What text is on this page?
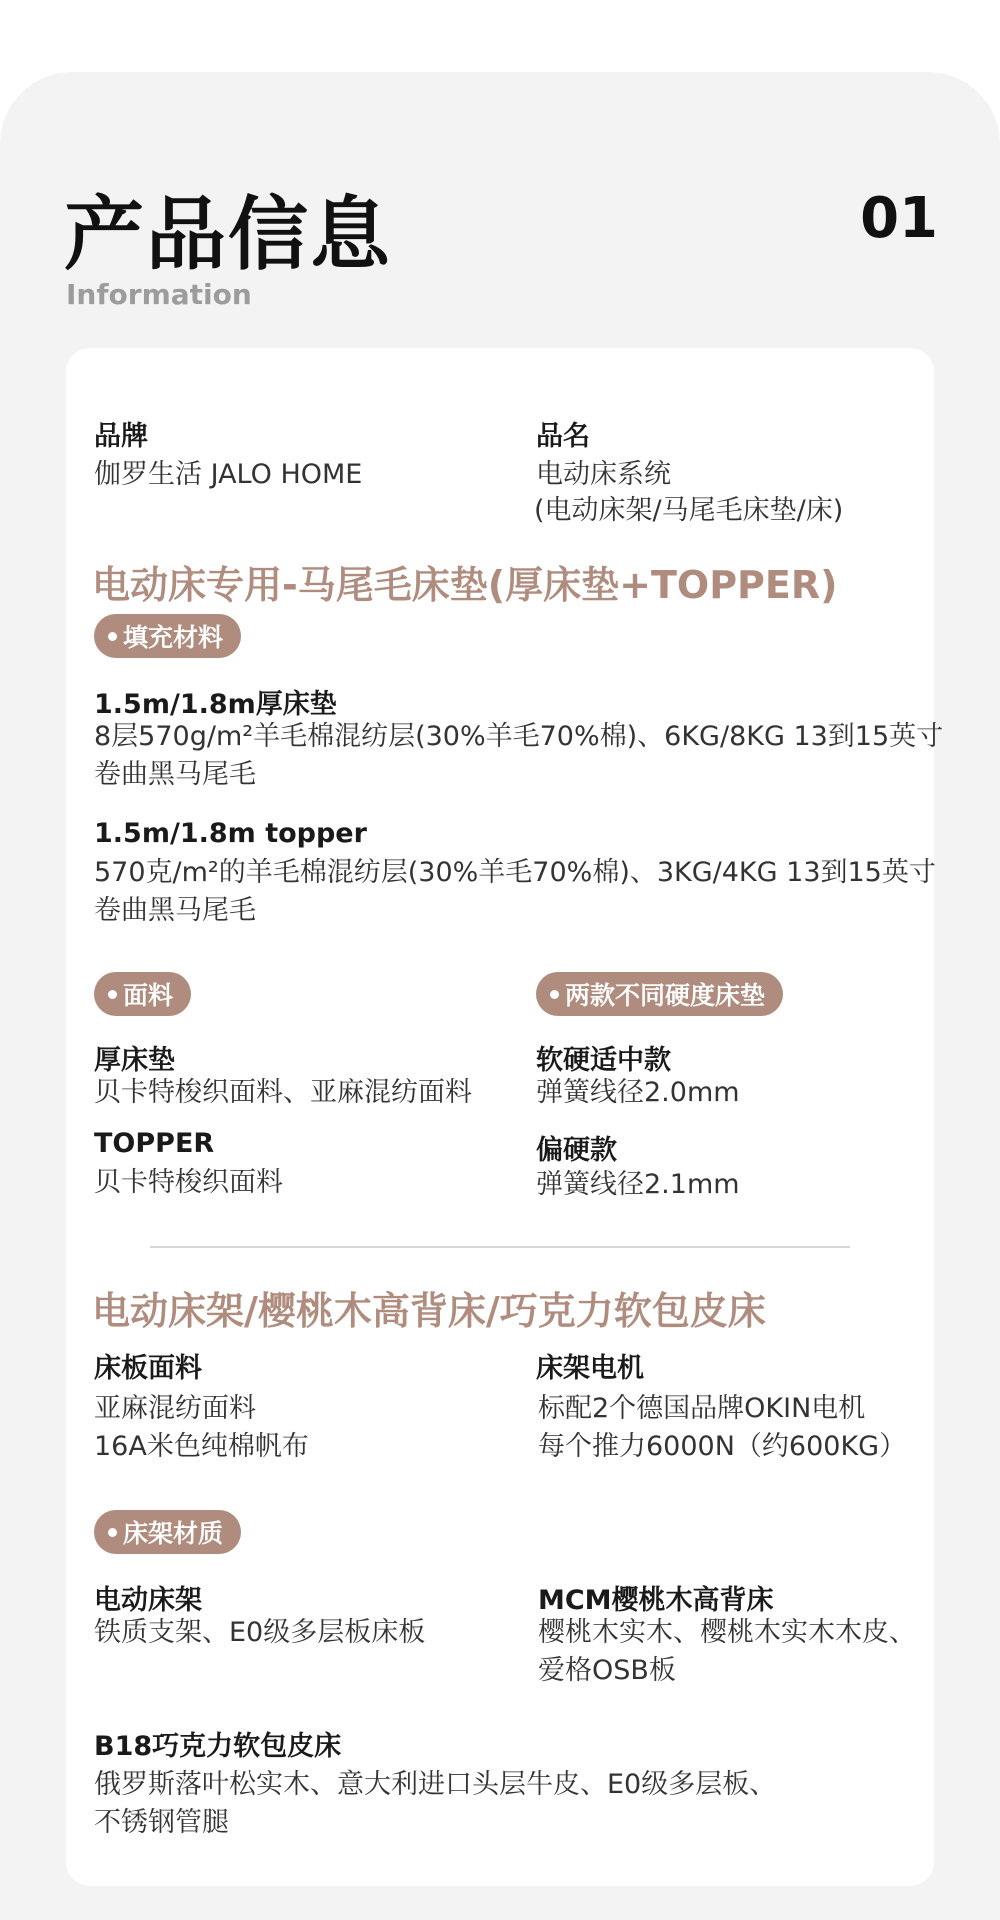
产品信息
Information
01
品牌
伽罗生活 JALO HOME
品名
电动床系统
(电动床架/马尾毛床垫/床)
电动床专用-马尾毛床垫(厚床垫+TOPPER)
填充材料
1.5m/1.8m厚床垫
8层570g/m²羊毛棉混纺层(30%羊毛70%棉)、6KG/8KG 13到15英寸
卷曲黑马尾毛
1.5m/1.8m topper
570克/m²的羊毛棉混纺层(30%羊毛70%棉)、3KG/4KG 13到15英寸
卷曲黑马尾毛
面料	两款不同硬度床垫
厚床垫
贝卡特梭织面料、亚麻混纺面料
TOPPER
贝卡特梭织面料
软硬适中款
弹簧线径2.0mm
偏硬款
弹簧线径2.1mm
电动床架/樱桃木高背床/巧克力软包皮床
床板面料
亚麻混纺面料
16A米色纯棉帆布
床架电机
标配2个德国品牌OKIN电机
每个推力6000N（约600KG）
床架材质
电动床架
铁质支架、E0级多层板床板
MCM樱桃木高背床
樱桃木实木、樱桃木实木木皮、
爱格OSB板
B18巧克力软包皮床
俄罗斯落叶松实木、意大利进口头层牛皮、E0级多层板、
不锈钢管腿
